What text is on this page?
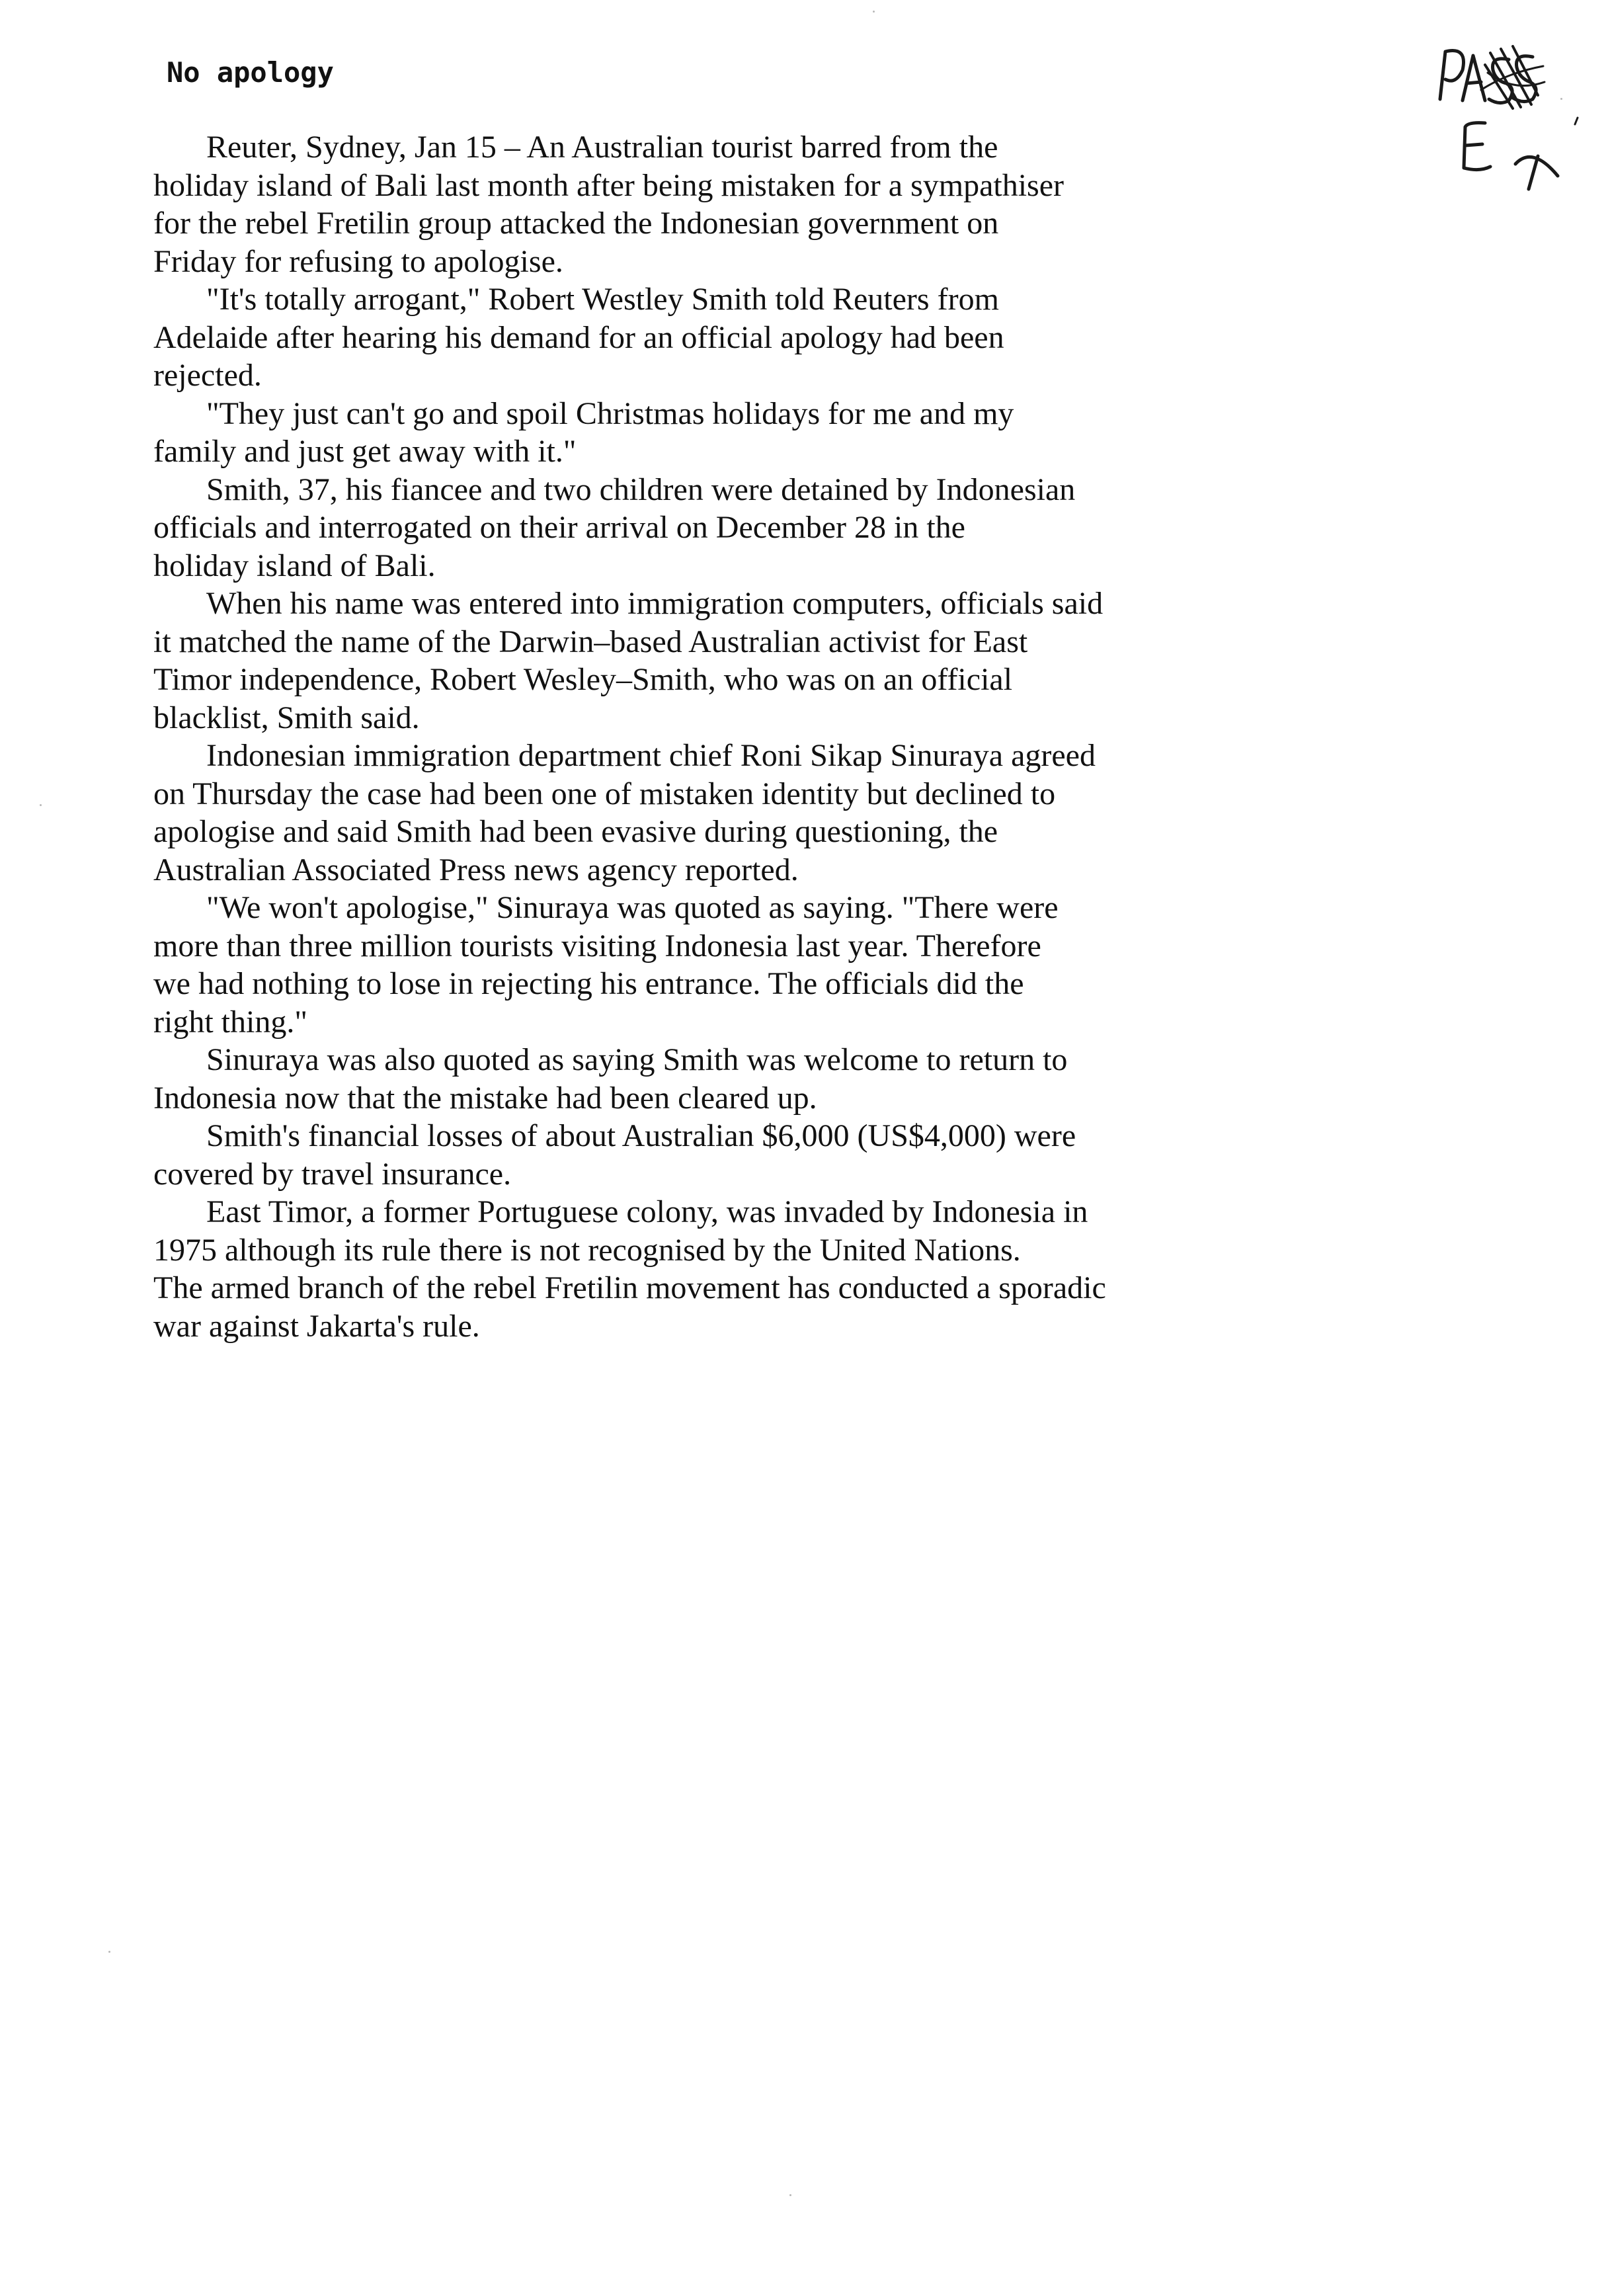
No apology

Reuter, Sydney, Jan 15 – An Australian tourist barred from the
holiday island of Bali last month after being mistaken for a sympathiser
for the rebel Fretilin group attacked the Indonesian government on
Friday for refusing to apologise.

"It's totally arrogant," Robert Westley Smith told Reuters from
Adelaide after hearing his demand for an official apology had been
rejected.

"They just can't go and spoil Christmas holidays for me and my
family and just get away with it."

Smith, 37, his fiancee and two children were detained by Indonesian
officials and interrogated on their arrival on December 28 in the
holiday island of Bali.

When his name was entered into immigration computers, officials said
it matched the name of the Darwin–based Australian activist for East
Timor independence, Robert Wesley–Smith, who was on an official
blacklist, Smith said.

Indonesian immigration department chief Roni Sikap Sinuraya agreed
on Thursday the case had been one of mistaken identity but declined to
apologise and said Smith had been evasive during questioning, the
Australian Associated Press news agency reported.

"We won't apologise," Sinuraya was quoted as saying. "There were
more than three million tourists visiting Indonesia last year. Therefore
we had nothing to lose in rejecting his entrance. The officials did the
right thing."

Sinuraya was also quoted as saying Smith was welcome to return to
Indonesia now that the mistake had been cleared up.

Smith's financial losses of about Australian $6,000 (US$4,000) were
covered by travel insurance.

East Timor, a former Portuguese colony, was invaded by Indonesia in
1975 although its rule there is not recognised by the United Nations.
The armed branch of the rebel Fretilin movement has conducted a sporadic
war against Jakarta's rule.
